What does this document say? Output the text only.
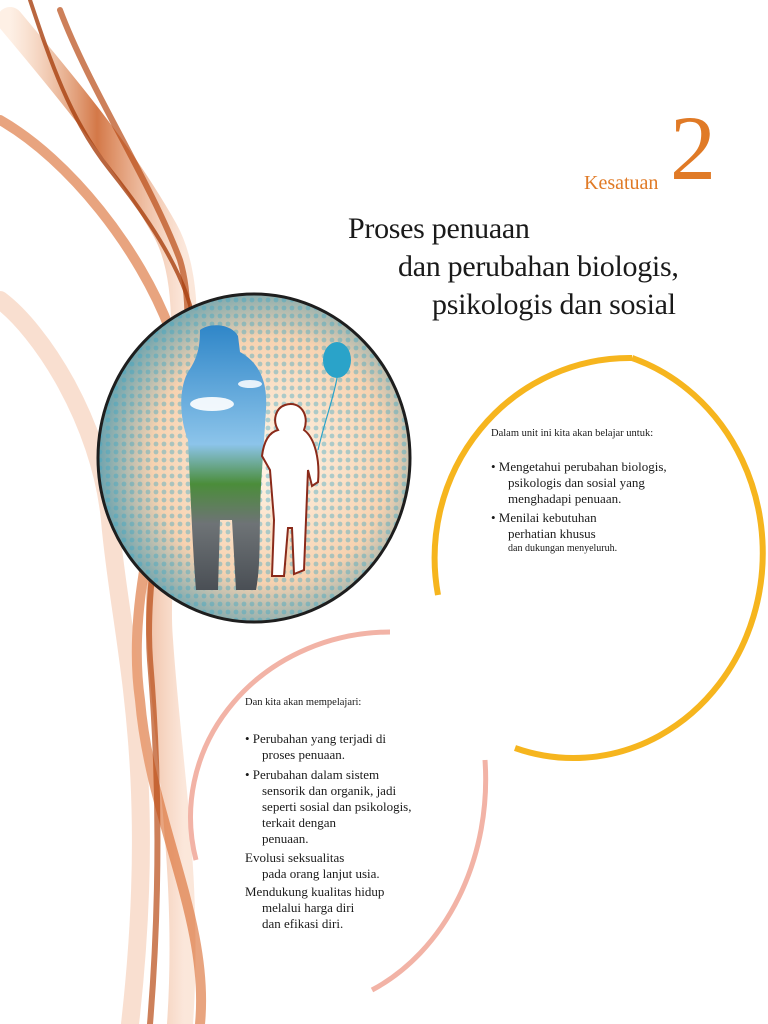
Kesatuan 2
Proses penuaan
dan perubahan biologis,
psikologis dan sosial
Dalam unit ini kita akan belajar untuk:
• Mengetahui perubahan biologis,
psikologis dan sosial yang
menghadapi penuaan.
• Menilai kebutuhan
perhatian khusus
dan dukungan menyeluruh.
Dan kita akan mempelajari:
• Perubahan yang terjadi di
proses penuaan.
• Perubahan dalam sistem
sensorik dan organik, jadi
seperti sosial dan psikologis,
terkait dengan
penuaan.
Evolusi seksualitas
pada orang lanjut usia.
Mendukung kualitas hidup
melalui harga diri
dan efikasi diri.
